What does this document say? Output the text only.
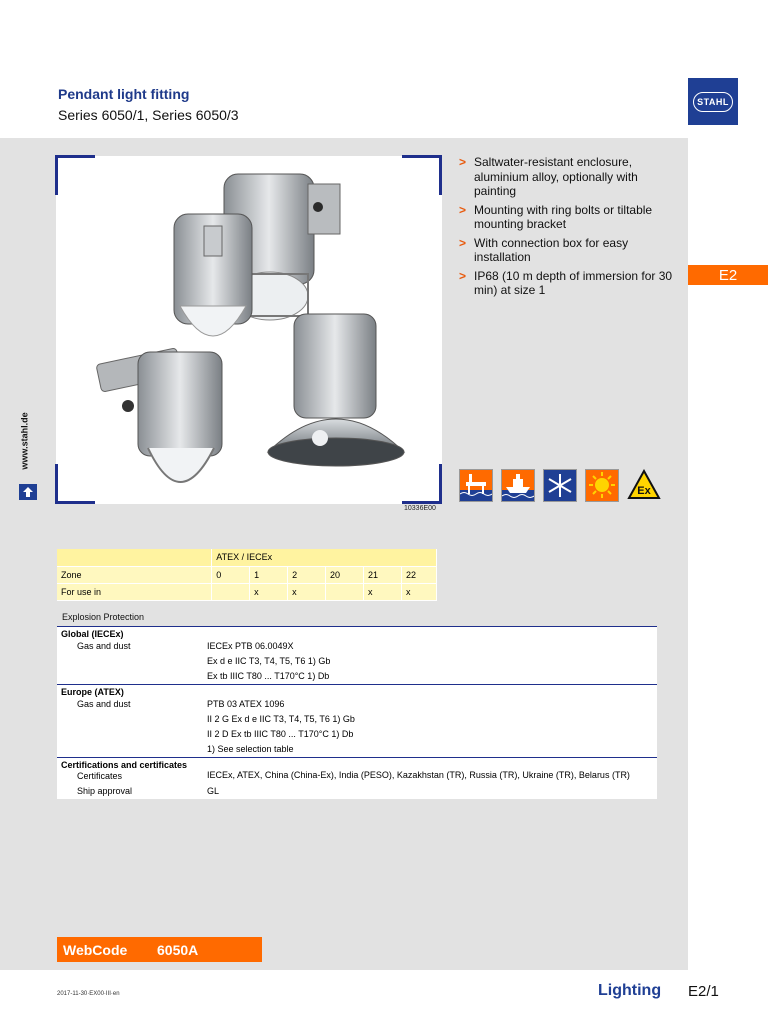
Pendant light fitting
Series 6050/1, Series 6050/3
STAHL
E2
www.stahl.de
10336E00
> Saltwater-resistant enclosure, aluminium alloy, optionally with painting
> Mounting with ring bolts or tiltable mounting bracket
> With connection box for easy installation
> IP68 (10 m depth of immersion for 30 min) at size 1
Ex
	ATEX / IECEx					
Zone	0	1	2	20	21	22
For use in		x	x		x	x
Explosion Protection
Global (IECEx)
Gas and dust	IECEx PTB 06.0049X
Ex d e IIC T3, T4, T5, T6 1) Gb
Ex tb IIIC T80 ... T170°C 1) Db
Europe (ATEX)
Gas and dust	PTB 03 ATEX 1096
II 2 G Ex d e IIC T3, T4, T5, T6 1) Gb
II 2 D Ex tb IIIC T80 ... T170°C 1) Db
1) See selection table
Certifications and certificates
Certificates	IECEx, ATEX, China (China-Ex), India (PESO), Kazakhstan (TR), Russia (TR), Ukraine (TR), Belarus (TR)
Ship approval	GL
WebCode	6050A
2017-11-30·EX00·III·en	Lighting E2/1
